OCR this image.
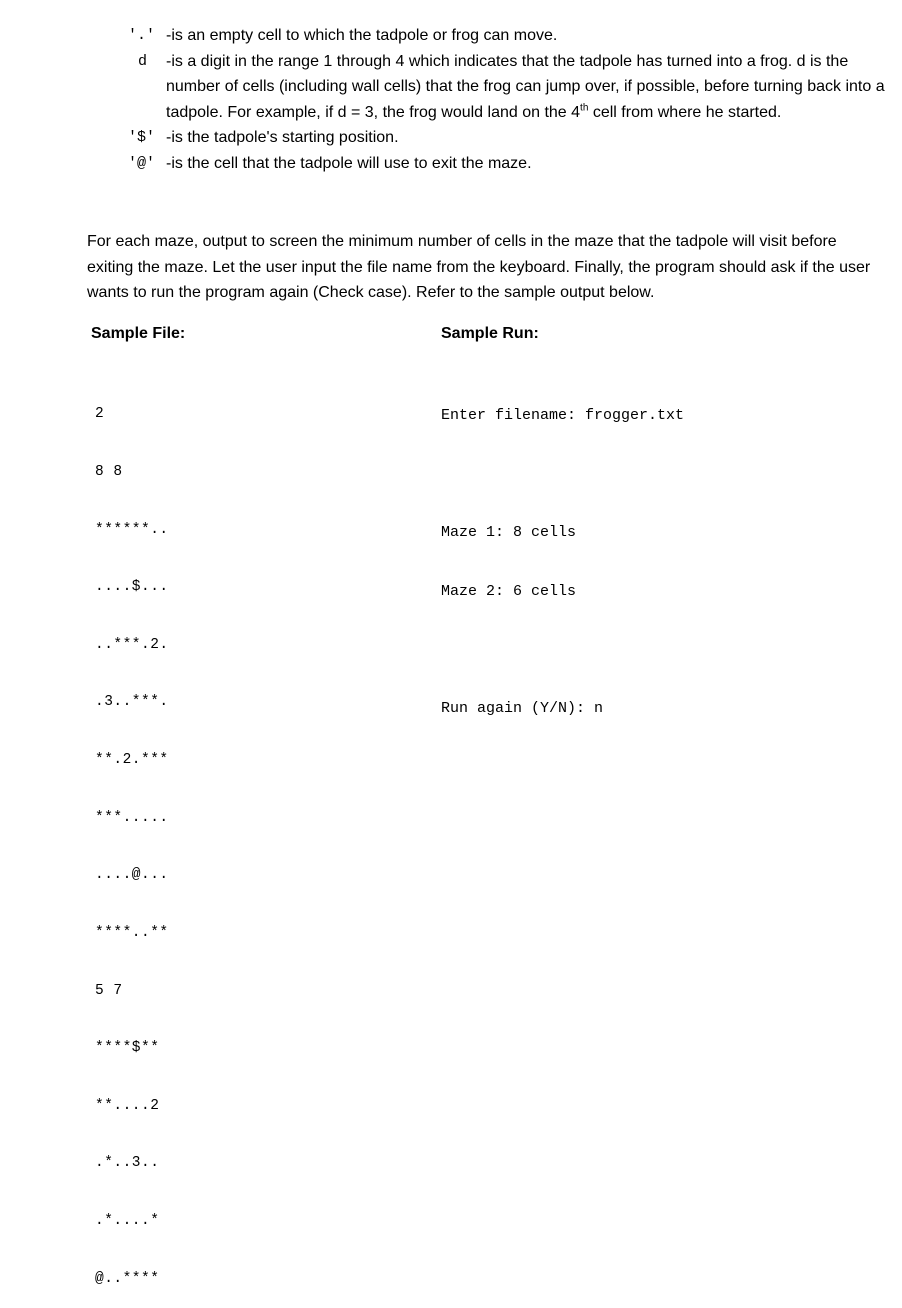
'.' -is an empty cell to which the tadpole or frog can move.
d	-is a digit in the range 1 through 4 which indicates that the tadpole has turned into a frog. d is the number of cells (including wall cells) that the frog can jump over, if possible, before turning back into a tadpole. For example, if d = 3, the frog would land on the 4th cell from where he started.
'$' -is the tadpole's starting position.
'@' -is the cell that the tadpole will use to exit the maze.
For each maze, output to screen the minimum number of cells in the maze that the tadpole will visit before exiting the maze. Let the user input the file name from the keyboard. Finally, the program should ask if the user wants to run the program again (Check case). Refer to the sample output below.
Sample File:	Sample Run:

2

8 8

******..

....$...

..***.2.

.3..***.

**.2.***

***.....

....@...

****..**

5 7

****$**

**....2

.*..3..

.*....*

@..****

Enter filename: frogger.txt

Maze 1: 8 cells

Maze 2: 6 cells

Run again (Y/N): n
